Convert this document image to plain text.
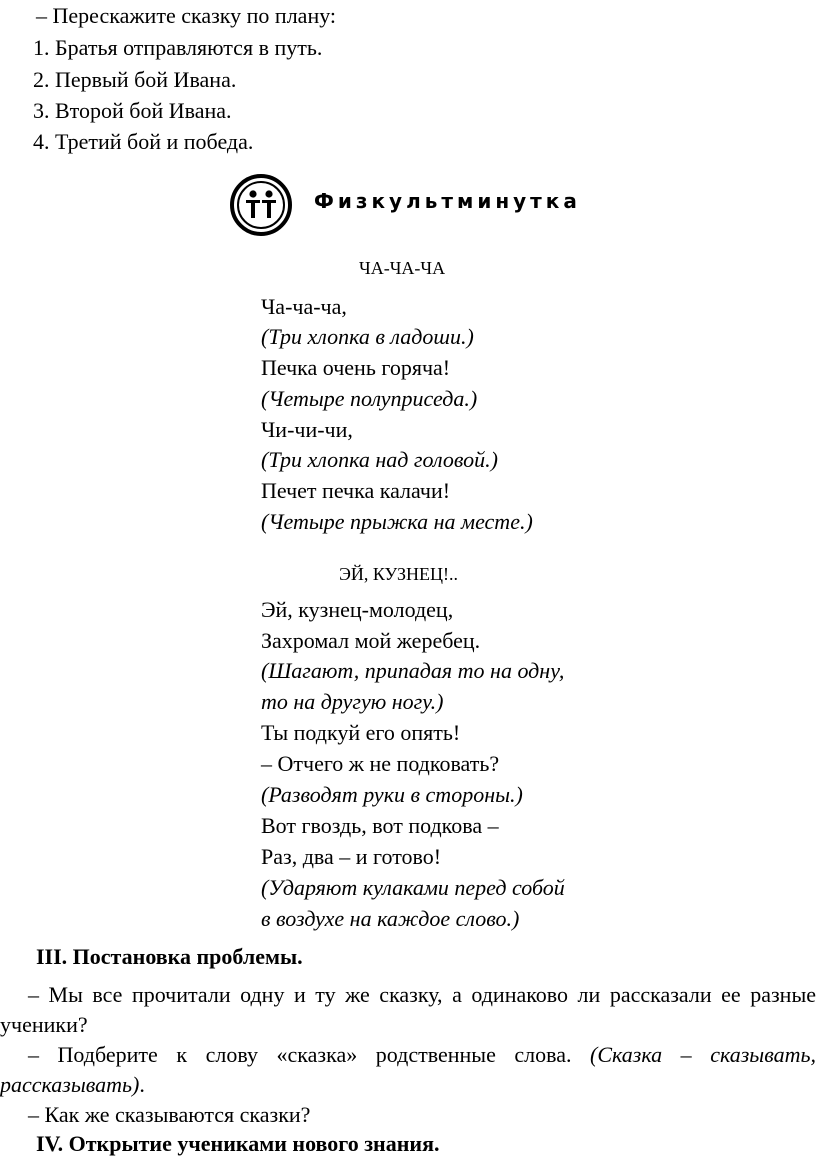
– Перескажите сказку по плану:
1. Братья отправляются в путь.
2. Первый бой Ивана.
3. Второй бой Ивана.
4. Третий бой и победа.
Физкультминутка
ЧА-ЧА-ЧА
Ча-ча-ча,
(Три хлопка в ладоши.)
Печка очень горяча!
(Четыре полуприседа.)
Чи-чи-чи,
(Три хлопка над головой.)
Печет печка калачи!
(Четыре прыжка на месте.)
ЭЙ, КУЗНЕЦ!..
Эй, кузнец-молодец,
Захромал мой жеребец.
(Шагают, припадая то на одну,
то на другую ногу.)
Ты подкуй его опять!
– Отчего ж не подковать?
(Разводят руки в стороны.)
Вот гвоздь, вот подкова –
Раз, два – и готово!
(Ударяют кулаками перед собой
в воздухе на каждое слово.)
III. Постановка проблемы.

– Мы все прочитали одну и ту же сказку, а одинаково ли рассказали ее разные ученики?

– Подберите к слову «сказка» родственные слова. (Сказка – сказывать, рассказывать).

– Как же сказываются сказки?

IV. Открытие учениками нового знания.
